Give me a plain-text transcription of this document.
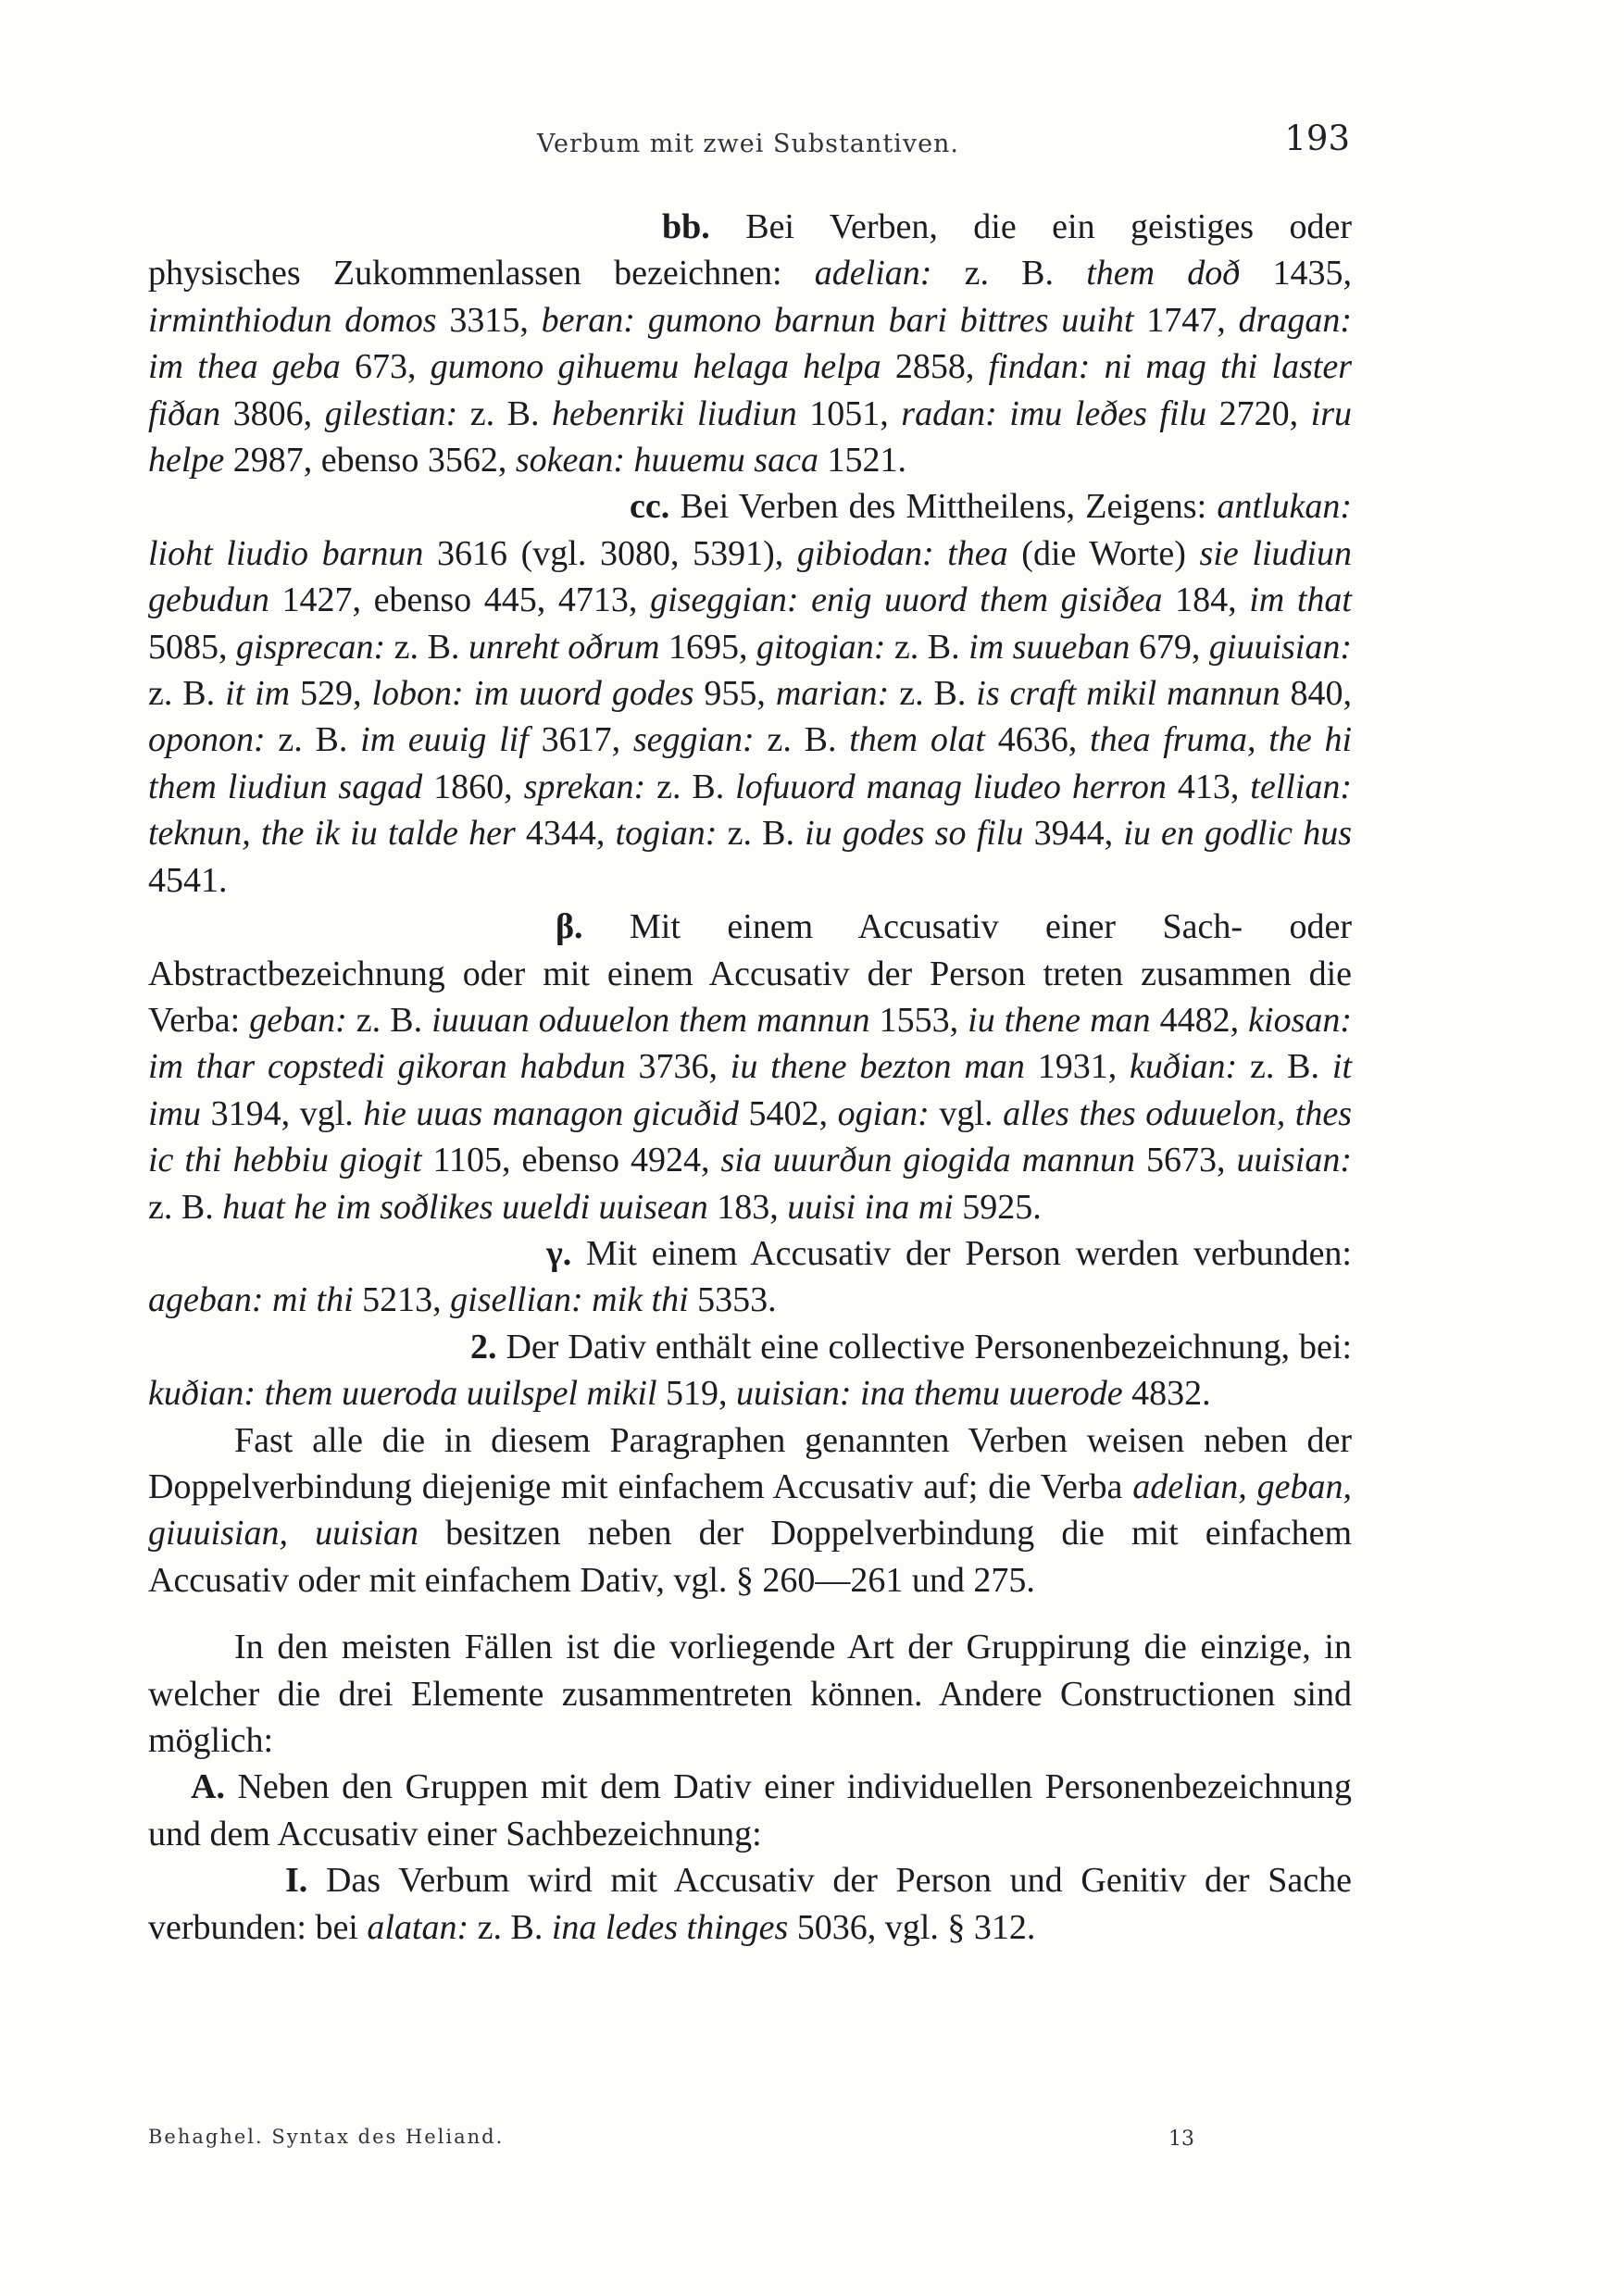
Verbum mit zwei Substantiven.	193

bb. Bei Verben, die ein geistiges oder physisches Zukommenlassen bezeichnen: adelian: z. B. them doð 1435, irminthiodun domos 3315, beran: gumono barnun bari bittres uuiht 1747, dragan: im thea geba 673, gumono gihuemu helaga helpa 2858, findan: ni mag thi laster fiðan 3806, gilestian: z. B. hebenriki liudiun 1051, radan: imu leðes filu 2720, iru helpe 2987, ebenso 3562, sokean: huuemu saca 1521.

cc. Bei Verben des Mittheilens, Zeigens: antlukan: lioht liudio barnun 3616 (vgl. 3080, 5391), gibiodan: thea (die Worte) sie liudiun gebudun 1427, ebenso 445, 4713, giseggian: enig uuord them gisiðea 184, im that 5085, gisprecan: z. B. unreht oðrum 1695, gitogian: z. B. im suueban 679, giuuisian: z. B. it im 529, lobon: im uuord godes 955, marian: z. B. is craft mikil mannun 840, oponon: z. B. im euuig lif 3617, seggian: z. B. them olat 4636, thea fruma, the hi them liudiun sagad 1860, sprekan: z. B. lofuuord manag liudeo herron 413, tellian: teknun, the ik iu talde her 4344, togian: z. B. iu godes so filu 3944, iu en godlic hus 4541.

β. Mit einem Accusativ einer Sach- oder Abstractbezeichnung oder mit einem Accusativ der Person treten zusammen die Verba: geban: z. B. iuuuan oduuelon them mannun 1553, iu thene man 4482, kiosan: im thar copstedi gikoran habdun 3736, iu thene bezton man 1931, kuðian: z. B. it imu 3194, vgl. hie uuas managon gicuðid 5402, ogian: vgl. alles thes oduuelon, thes ic thi hebbiu giogit 1105, ebenso 4924, sia uuurðun giogida mannun 5673, uuisian: z. B. huat he im soðlikes uueldi uuisean 183, uuisi ina mi 5925.

γ. Mit einem Accusativ der Person werden verbunden: ageban: mi thi 5213, gisellian: mik thi 5353.

2. Der Dativ enthält eine collective Personenbezeichnung, bei: kuðian: them uueroda uuilspel mikil 519, uuisian: ina themu uuerode 4832.

Fast alle die in diesem Paragraphen genannten Verben weisen neben der Doppelverbindung diejenige mit einfachem Accusativ auf; die Verba adelian, geban, giuuisian, uuisian besitzen neben der Doppelverbindung die mit einfachem Accusativ oder mit einfachem Dativ, vgl. § 260—261 und 275.

In den meisten Fällen ist die vorliegende Art der Gruppirung die einzige, in welcher die drei Elemente zusammentreten können. Andere Constructionen sind möglich:

A. Neben den Gruppen mit dem Dativ einer individuellen Personenbezeichnung und dem Accusativ einer Sachbezeichnung:

I. Das Verbum wird mit Accusativ der Person und Genitiv der Sache verbunden: bei alatan: z. B. ina ledes thinges 5036, vgl. § 312.

Behaghel. Syntax des Heliand.	13
